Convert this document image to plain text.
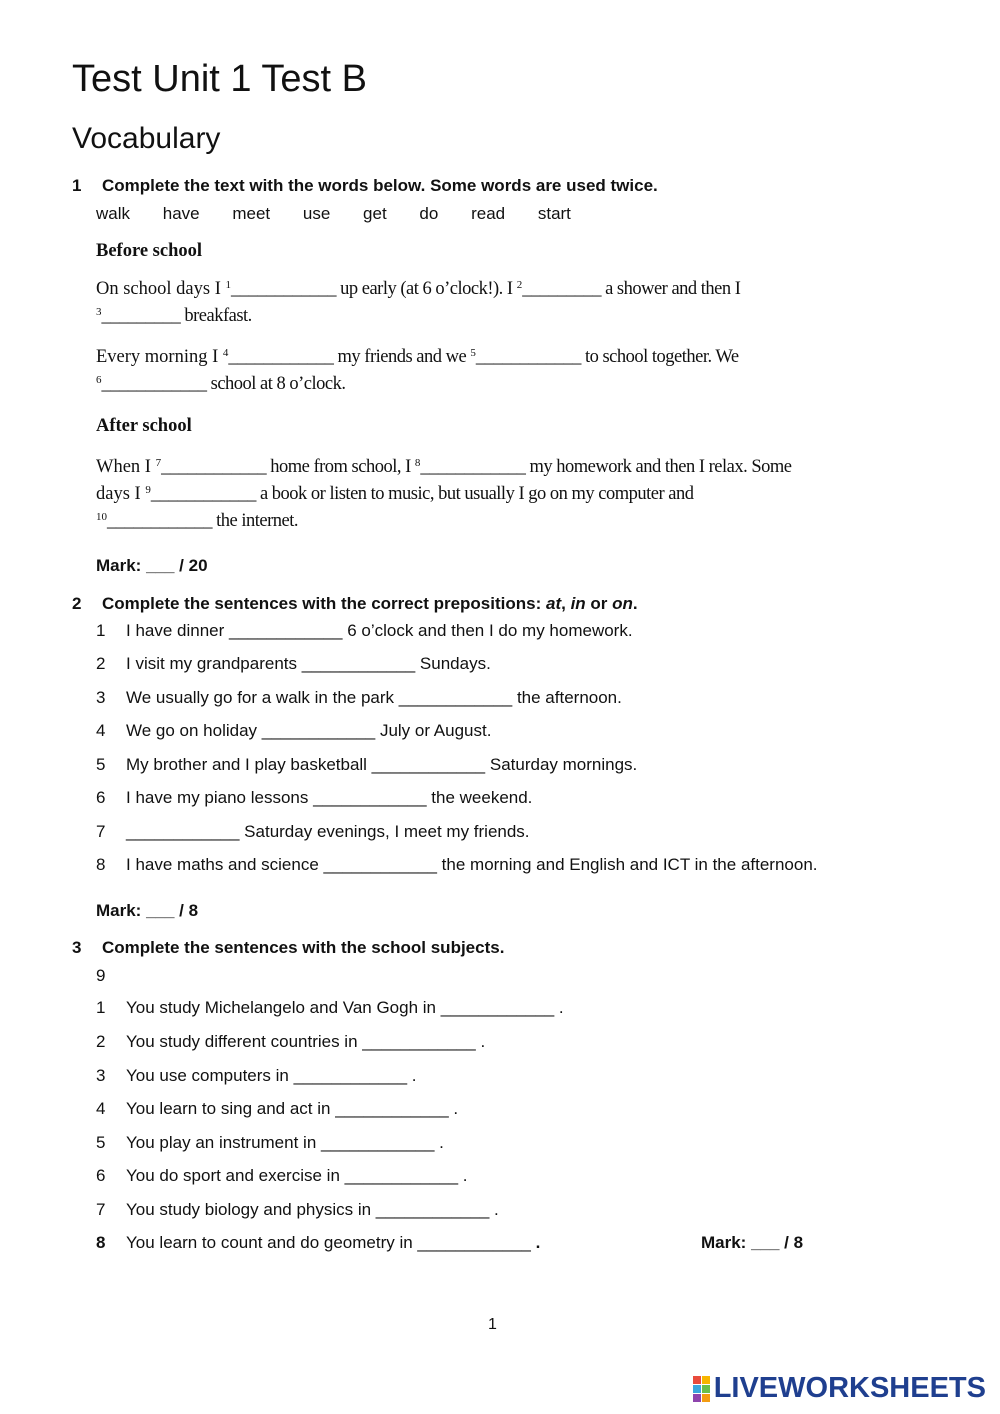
Test Unit 1 Test B
Vocabulary
1 Complete the text with the words below. Some words are used twice.
walk have meet use get do read start
Before school
On school days I $^1$____________ up early (at 6 o’clock!). I $^2$_________ a shower and then I
$^3$_________ breakfast.
Every morning I $^4$____________ my friends and we $^5$____________ to school together. We
$^6$____________ school at 8 o’clock.
After school
When I $^7$____________ home from school, I $^8$____________ my homework and then I relax. Some
days I $^9$____________ a book or listen to music, but usually I go on my computer and
$^{10}$____________ the internet.
Mark: ___ / 20
2 Complete the sentences with the correct prepositions: at, in or on.
1 I have dinner ____________ 6 o’clock and then I do my homework.
2 I visit my grandparents ____________ Sundays.
3 We usually go for a walk in the park ____________ the afternoon.
4 We go on holiday ____________ July or August.
5 My brother and I play basketball ____________ Saturday mornings.
6 I have my piano lessons ____________ the weekend.
7 ____________ Saturday evenings, I meet my friends.
8 I have maths and science ____________ the morning and English and ICT in the afternoon.
Mark: ___ / 8
3 Complete the sentences with the school subjects.
9
1 You study Michelangelo and Van Gogh in ____________ .
2 You study different countries in ____________ .
3 You use computers in ____________ .
4 You learn to sing and act in ____________ .
5 You play an instrument in ____________ .
6 You do sport and exercise in ____________ .
7 You study biology and physics in ____________ .
8 You learn to count and do geometry in ____________ .	Mark: ___ / 8
1
LIVEWORKSHEETS
